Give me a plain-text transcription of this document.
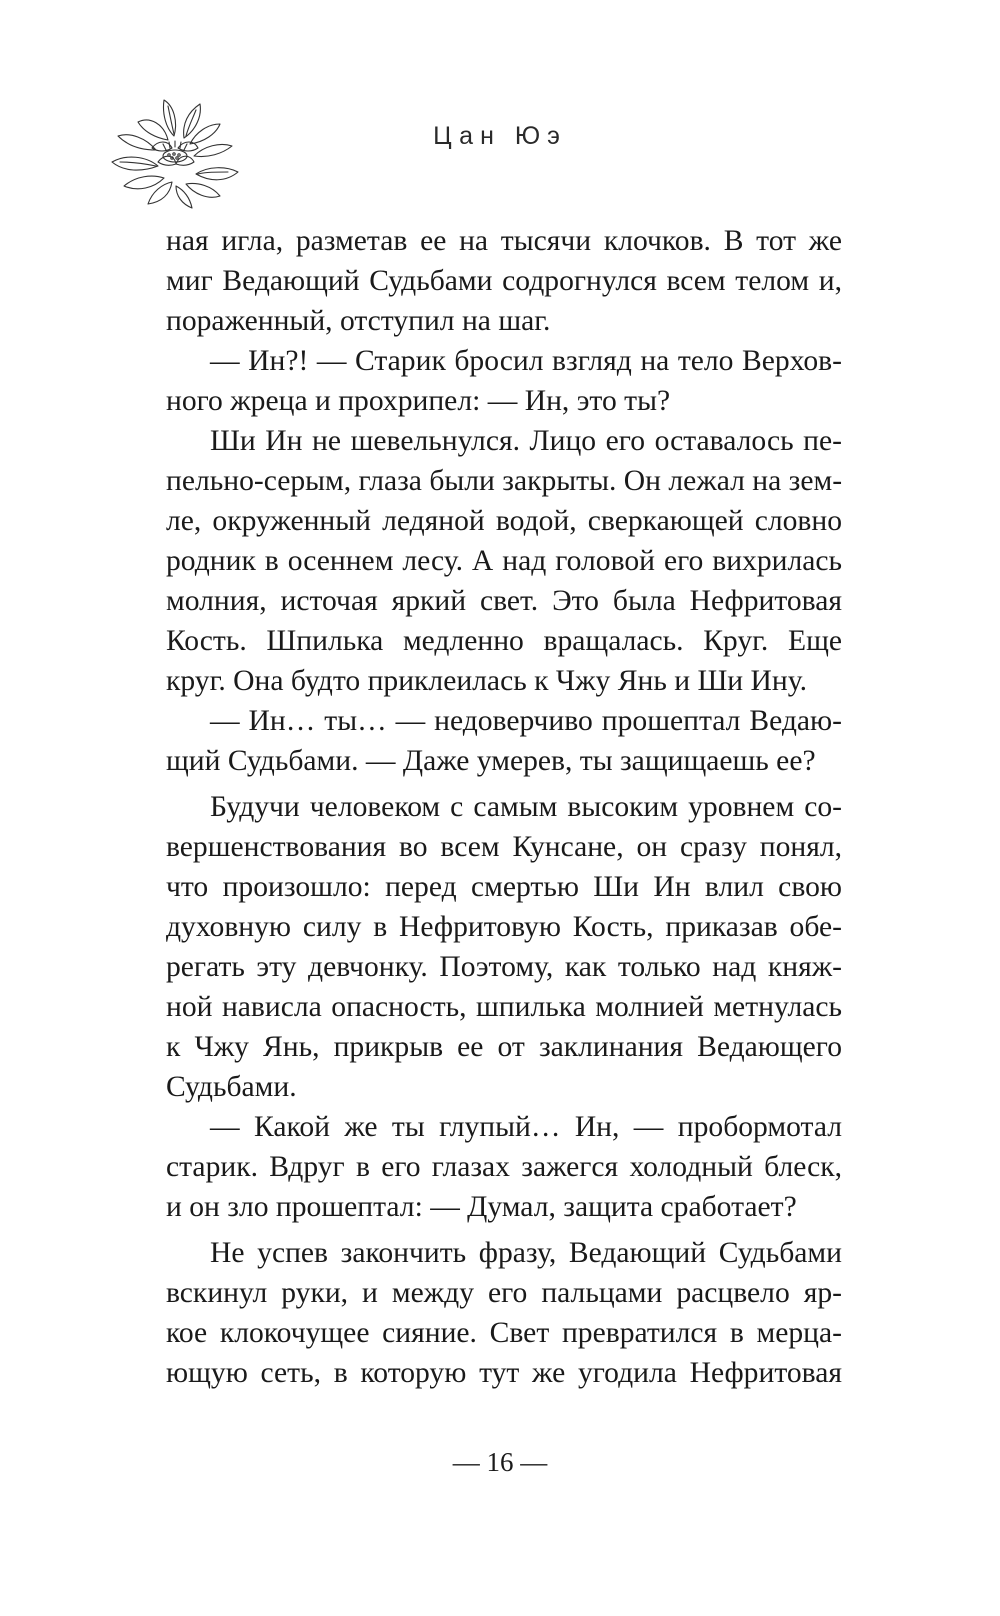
Цан Юэ
ная игла, разметав ее на тысячи клочков. В тот же
миг Ведающий Судьбами содрогнулся всем телом и,
пораженный, отступил на шаг.
— Ин?! — Старик бросил взгляд на тело Верхов-
ного жреца и прохрипел: — Ин, это ты?
Ши Ин не шевельнулся. Лицо его оставалось пе-
пельно-серым, глаза были закрыты. Он лежал на зем-
ле, окруженный ледяной водой, сверкающей словно
родник в осеннем лесу. А над головой его вихрилась
молния, источая яркий свет. Это была Нефритовая
Кость. Шпилька медленно вращалась. Круг. Еще
круг. Она будто приклеилась к Чжу Янь и Ши Ину.
— Ин… ты… — недоверчиво прошептал Ведаю-
щий Судьбами. — Даже умерев, ты защищаешь ее?
Будучи человеком с самым высоким уровнем со-
вершенствования во всем Кунсане, он сразу понял,
что произошло: перед смертью Ши Ин влил свою
духовную силу в Нефритовую Кость, приказав обе-
регать эту девчонку. Поэтому, как только над княж-
ной нависла опасность, шпилька молнией метнулась
к Чжу Янь, прикрыв ее от заклинания Ведающего
Судьбами.
— Какой же ты глупый… Ин, — пробормотал
старик. Вдруг в его глазах зажегся холодный блеск,
и он зло прошептал: — Думал, защита сработает?
Не успев закончить фразу, Ведающий Судьбами
вскинул руки, и между его пальцами расцвело яр-
кое клокочущее сияние. Свет превратился в мерца-
ющую сеть, в которую тут же угодила Нефритовая
— 16 —
